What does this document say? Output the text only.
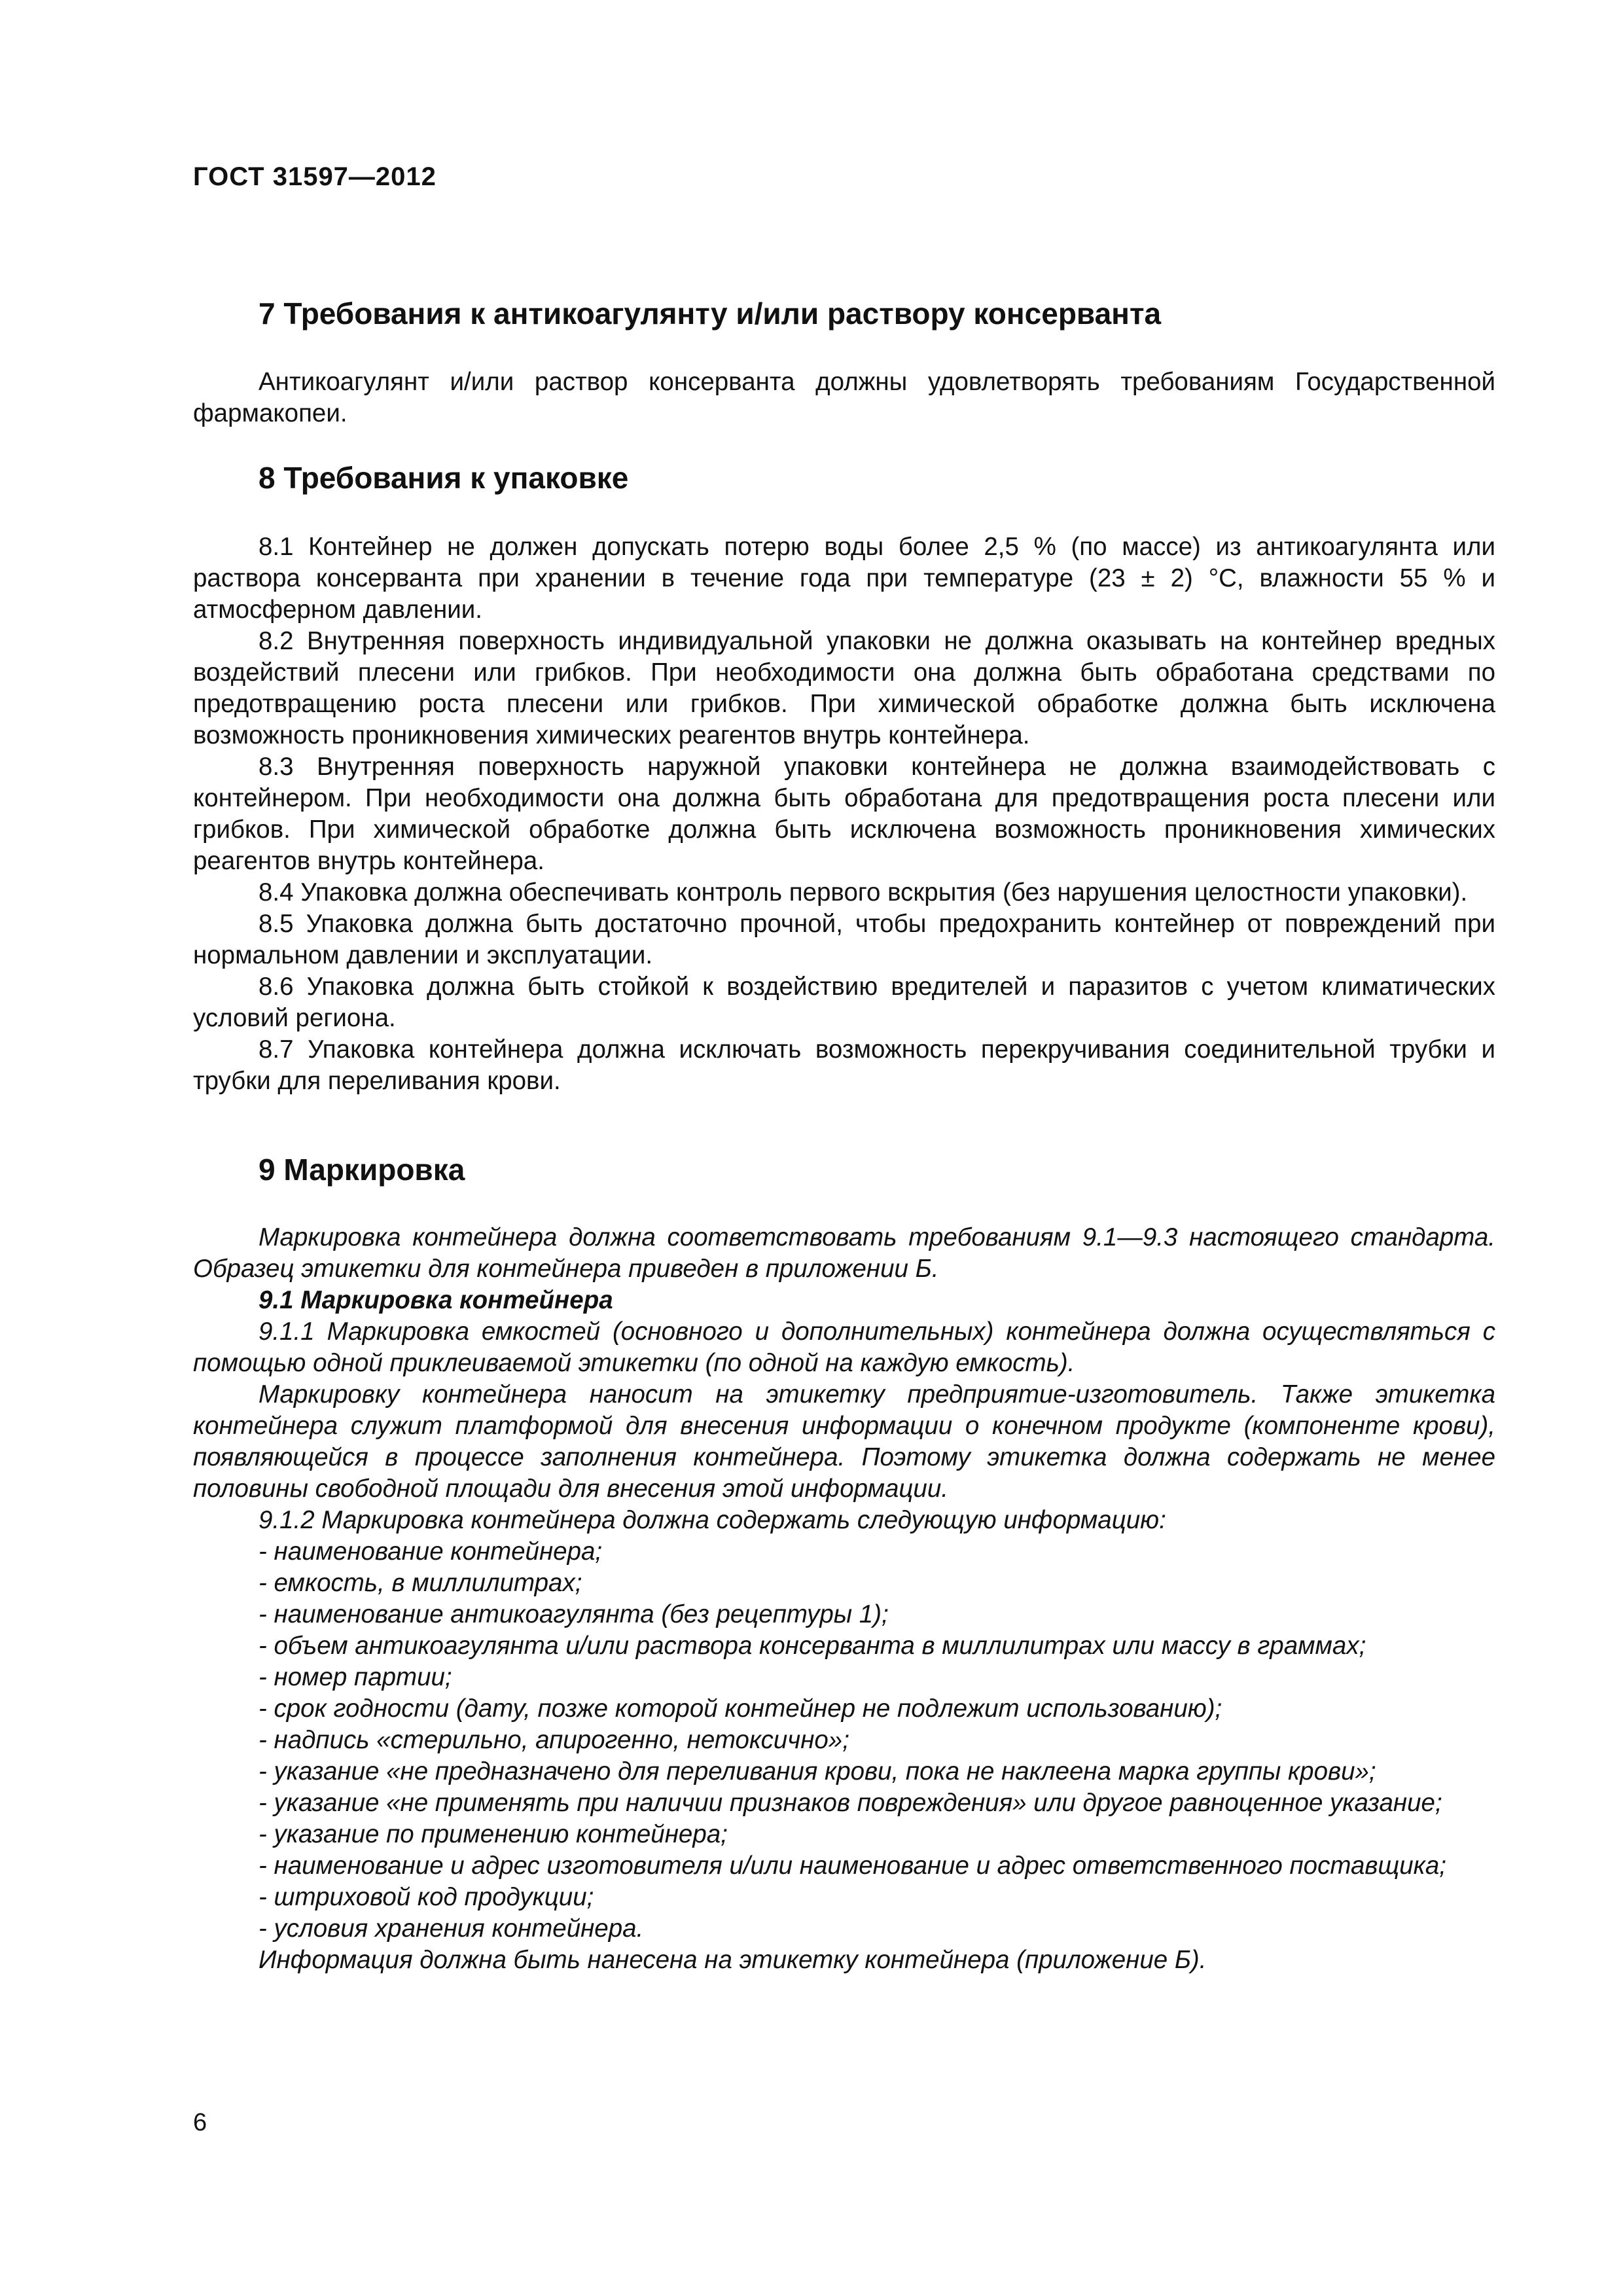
ГОСТ 31597—2012
7 Требования к антикоагулянту и/или раствору консерванта

Антикоагулянт и/или раствор консерванта должны удовлетворять требованиям Государственной фармакопеи.

8 Требования к упаковке

8.1 Контейнер не должен допускать потерю воды более 2,5 % (по массе) из антикоагулянта или раствора консерванта при хранении в течение года при температуре (23 ± 2) °С, влажности 55 % и атмосферном давлении.

8.2 Внутренняя поверхность индивидуальной упаковки не должна оказывать на контейнер вредных воздействий плесени или грибков. При необходимости она должна быть обработана средствами по предотвращению роста плесени или грибков. При химической обработке должна быть исключена возможность проникновения химических реагентов внутрь контейнера.

8.3 Внутренняя поверхность наружной упаковки контейнера не должна взаимодействовать с контейнером. При необходимости она должна быть обработана для предотвращения роста плесени или грибков. При химической обработке должна быть исключена возможность проникновения химических реагентов внутрь контейнера.

8.4 Упаковка должна обеспечивать контроль первого вскрытия (без нарушения целостности упаковки).

8.5 Упаковка должна быть достаточно прочной, чтобы предохранить контейнер от повреждений при нормальном давлении и эксплуатации.

8.6 Упаковка должна быть стойкой к воздействию вредителей и паразитов с учетом климатических условий региона.

8.7 Упаковка контейнера должна исключать возможность перекручивания соединительной трубки и трубки для переливания крови.

9 Маркировка

Маркировка контейнера должна соответствовать требованиям 9.1—9.3 настоящего стандарта. Образец этикетки для контейнера приведен в приложении Б.

9.1 Маркировка контейнера

9.1.1 Маркировка емкостей (основного и дополнительных) контейнера должна осуществляться с помощью одной приклеиваемой этикетки (по одной на каждую емкость).

Маркировку контейнера наносит на этикетку предприятие-изготовитель. Также этикетка контейнера служит платформой для внесения информации о конечном продукте (компоненте крови), появляющейся в процессе заполнения контейнера. Поэтому этикетка должна содержать не менее половины свободной площади для внесения этой информации.

9.1.2 Маркировка контейнера должна содержать следующую информацию:

- наименование контейнера;

- емкость, в миллилитрах;

- наименование антикоагулянта (без рецептуры 1);

- объем антикоагулянта и/или раствора консерванта в миллилитрах или массу в граммах;

- номер партии;

- срок годности (дату, позже которой контейнер не подлежит использованию);

- надпись «стерильно, апирогенно, нетоксично»;

- указание «не предназначено для переливания крови, пока не наклеена марка группы крови»;

- указание «не применять при наличии признаков повреждения» или другое равноценное указание;

- указание по применению контейнера;

- наименование и адрес изготовителя и/или наименование и адрес ответственного поставщика;

- штриховой код продукции;

- условия хранения контейнера.

Информация должна быть нанесена на этикетку контейнера (приложение Б).

6
